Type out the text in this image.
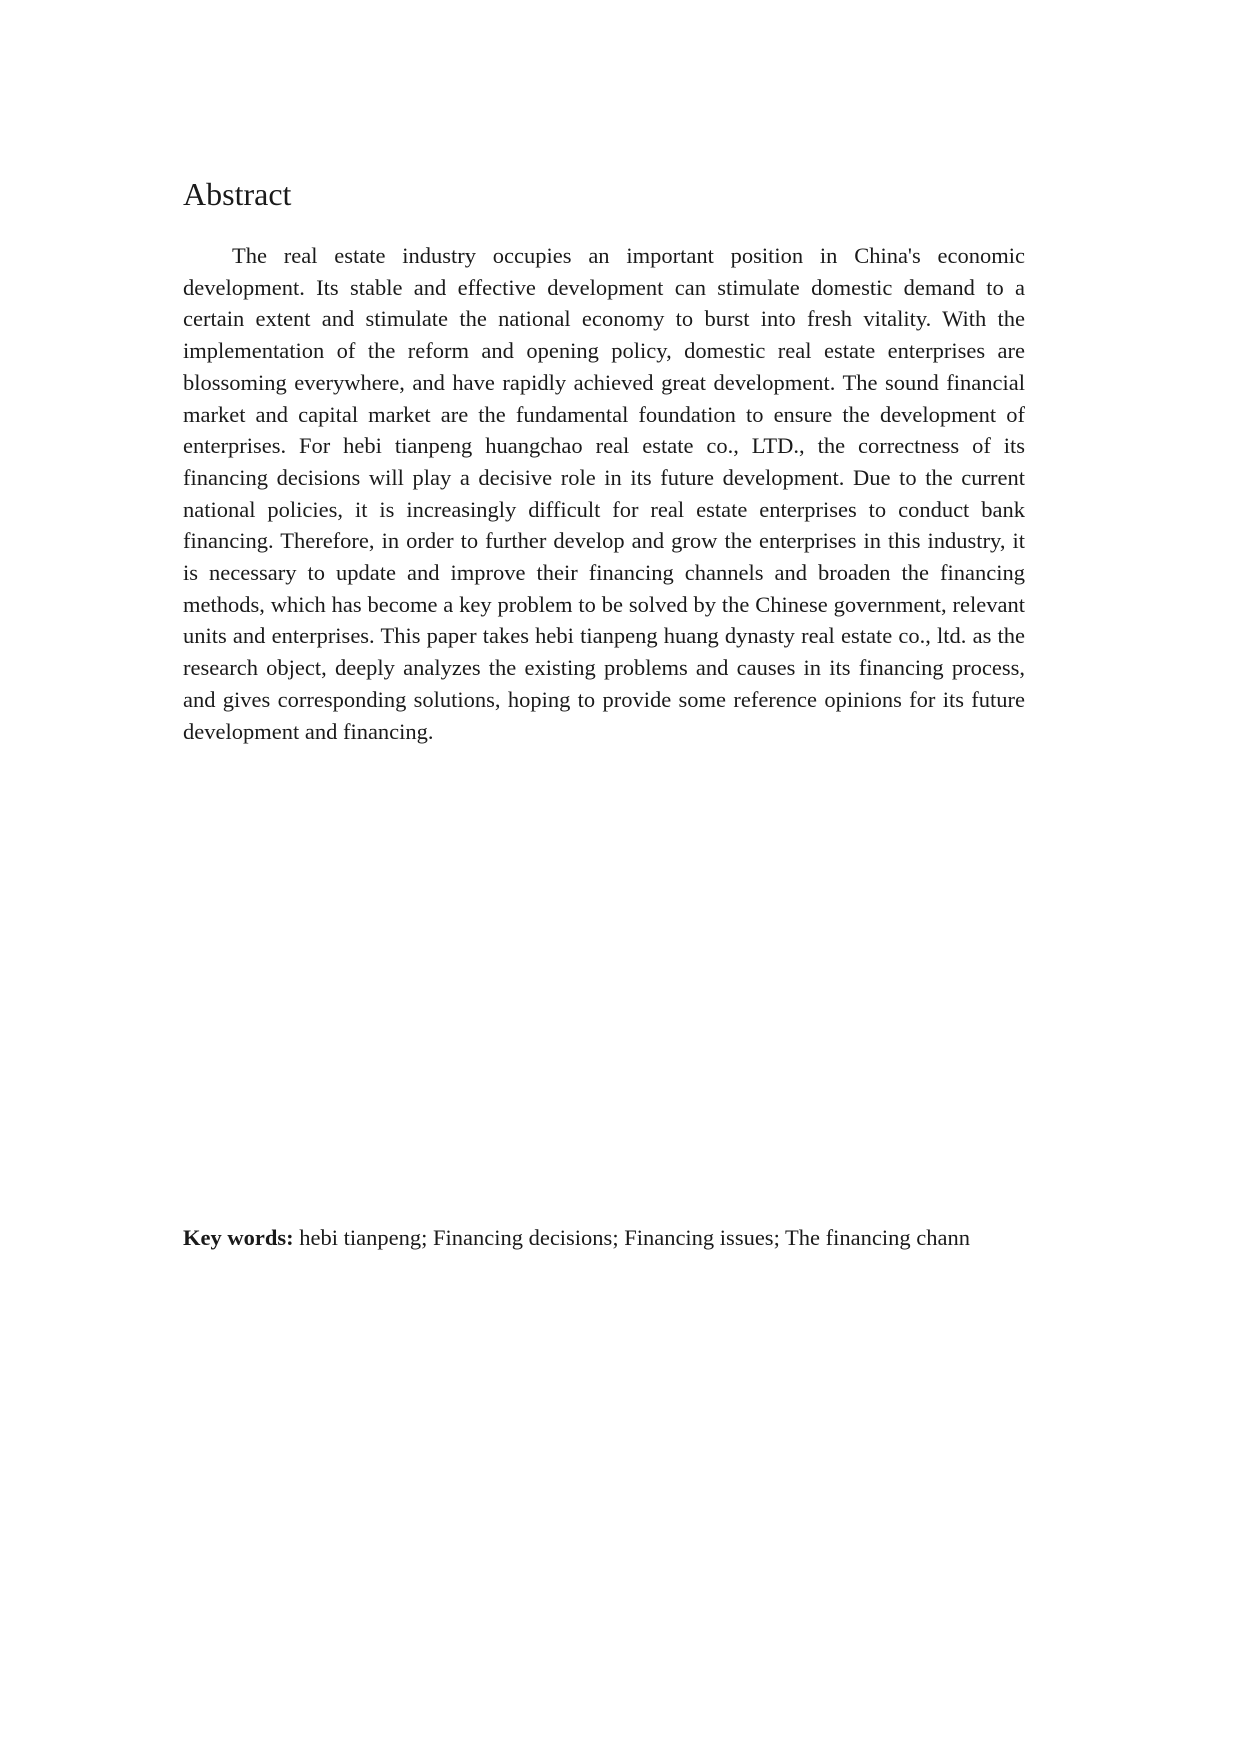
Abstract

The real estate industry occupies an important position in China's economic development. Its stable and effective development can stimulate domestic demand to a certain extent and stimulate the national economy to burst into fresh vitality. With the implementation of the reform and opening policy, domestic real estate enterprises are blossoming everywhere, and have rapidly achieved great development. The sound financial market and capital market are the fundamental foundation to ensure the development of enterprises. For hebi tianpeng huangchao real estate co., LTD., the correctness of its financing decisions will play a decisive role in its future development. Due to the current national policies, it is increasingly difficult for real estate enterprises to conduct bank financing. Therefore, in order to further develop and grow the enterprises in this industry, it is necessary to update and improve their financing channels and broaden the financing methods, which has become a key problem to be solved by the Chinese government, relevant units and enterprises. This paper takes hebi tianpeng huang dynasty real estate co., ltd. as the research object, deeply analyzes the existing problems and causes in its financing process, and gives corresponding solutions, hoping to provide some reference opinions for its future development and financing.

Key words: hebi tianpeng; Financing decisions; Financing issues; The financing chann
